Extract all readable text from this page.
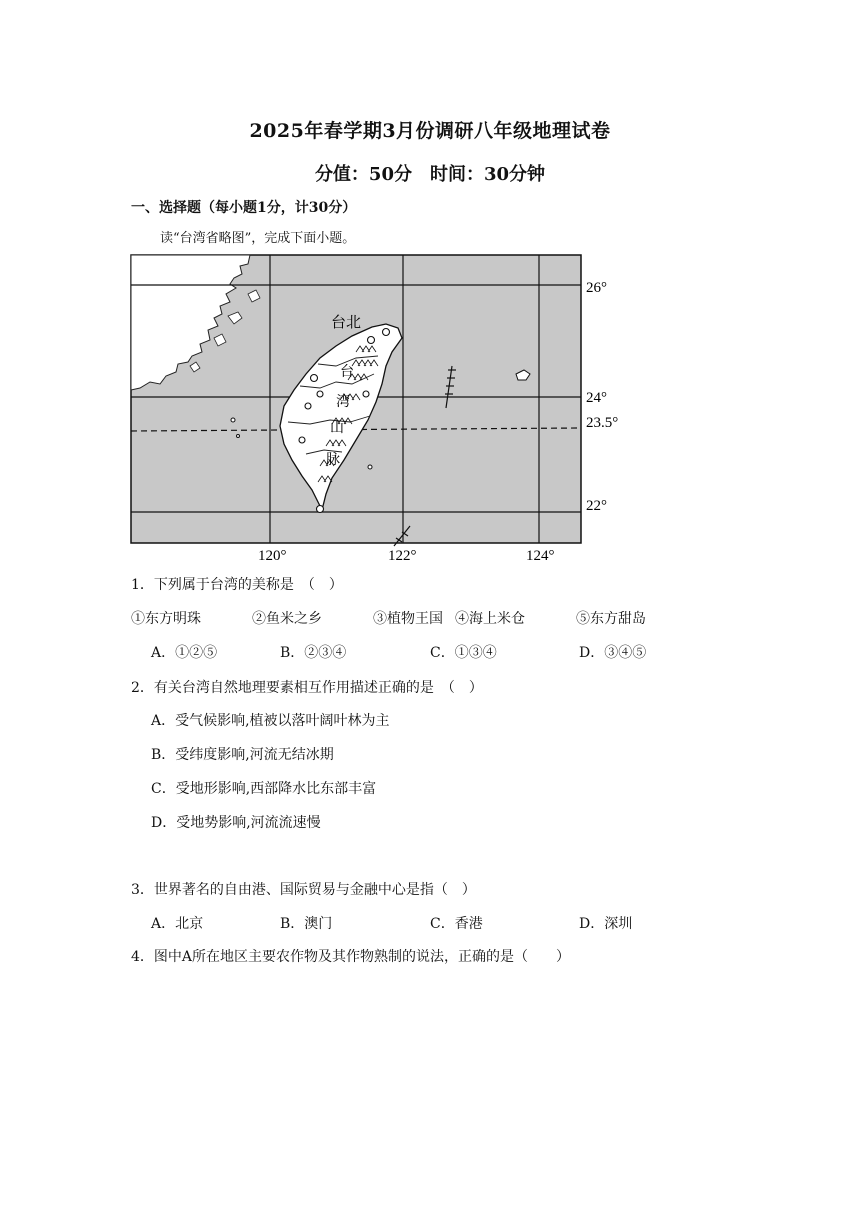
2025年春学期3月份调研八年级地理试卷
分值：50分　时间：30分钟
一、选择题（每小题1分，计30分）
读“台湾省略图”，完成下面小题。
台北
台
湾
山
脉
26°
24°
23.5°
22°
120°	122°	124°
1．下列属于台湾的美称是　（　）
①东方明珠	②鱼米之乡	③植物王国 ④海上米仓	⑤东方甜岛
A．①②⑤	B．②③④	C．①③④	D．③④⑤
2．有关台湾自然地理要素相互作用描述正确的是　（　）
A．受气候影响,植被以落叶阔叶林为主
B．受纬度影响,河流无结冰期
C．受地形影响,西部降水比东部丰富
D．受地势影响,河流流速慢
3．世界著名的自由港、国际贸易与金融中心是指（　）
A．北京	B．澳门	C．香港	D．深圳
4．图中A所在地区主要农作物及其作物熟制的说法，正确的是（　　）
